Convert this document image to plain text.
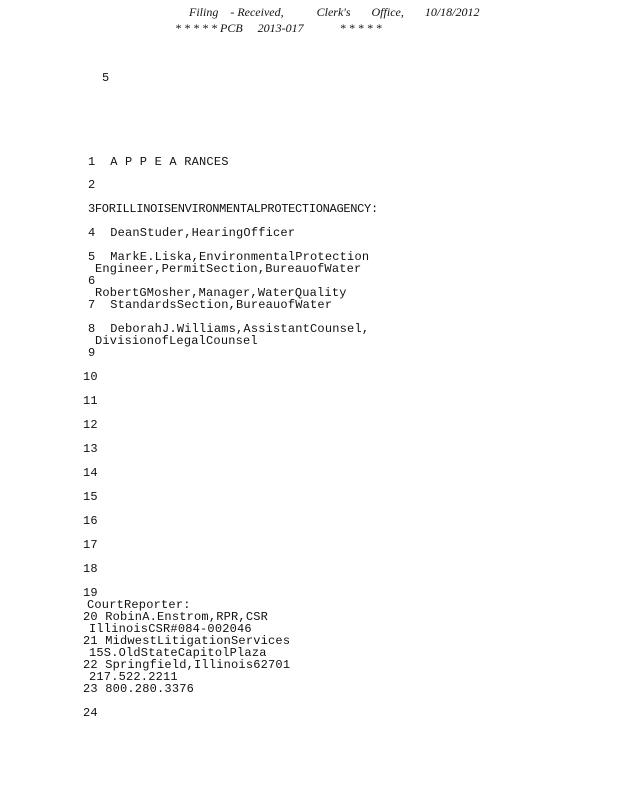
Filing    - Received,           Clerk's       Office,       10/18/2012
* * * * * PCB     2013-017            * * * * *
5
1  A P P E A RANCES
2
3FORILLINOISENVIRONMENTALPROTECTIONAGENCY:
4  DeanStuder,HearingOfficer
5  MarkE.Liska,EnvironmentalProtection
Engineer,PermitSection,BureauofWater
6
RobertGMosher,Manager,WaterQuality
7  StandardsSection,BureauofWater
8  DeborahJ.Williams,AssistantCounsel,
DivisionofLegalCounsel
9
10
11
12
13
14
15
16
17
18
19
CourtReporter:
20 RobinA.Enstrom,RPR,CSR
IllinoisCSR#084-002046
21 MidwestLitigationServices
15S.OldStateCapitolPlaza
22 Springfield,Illinois62701
217.522.2211
23 800.280.3376
24
